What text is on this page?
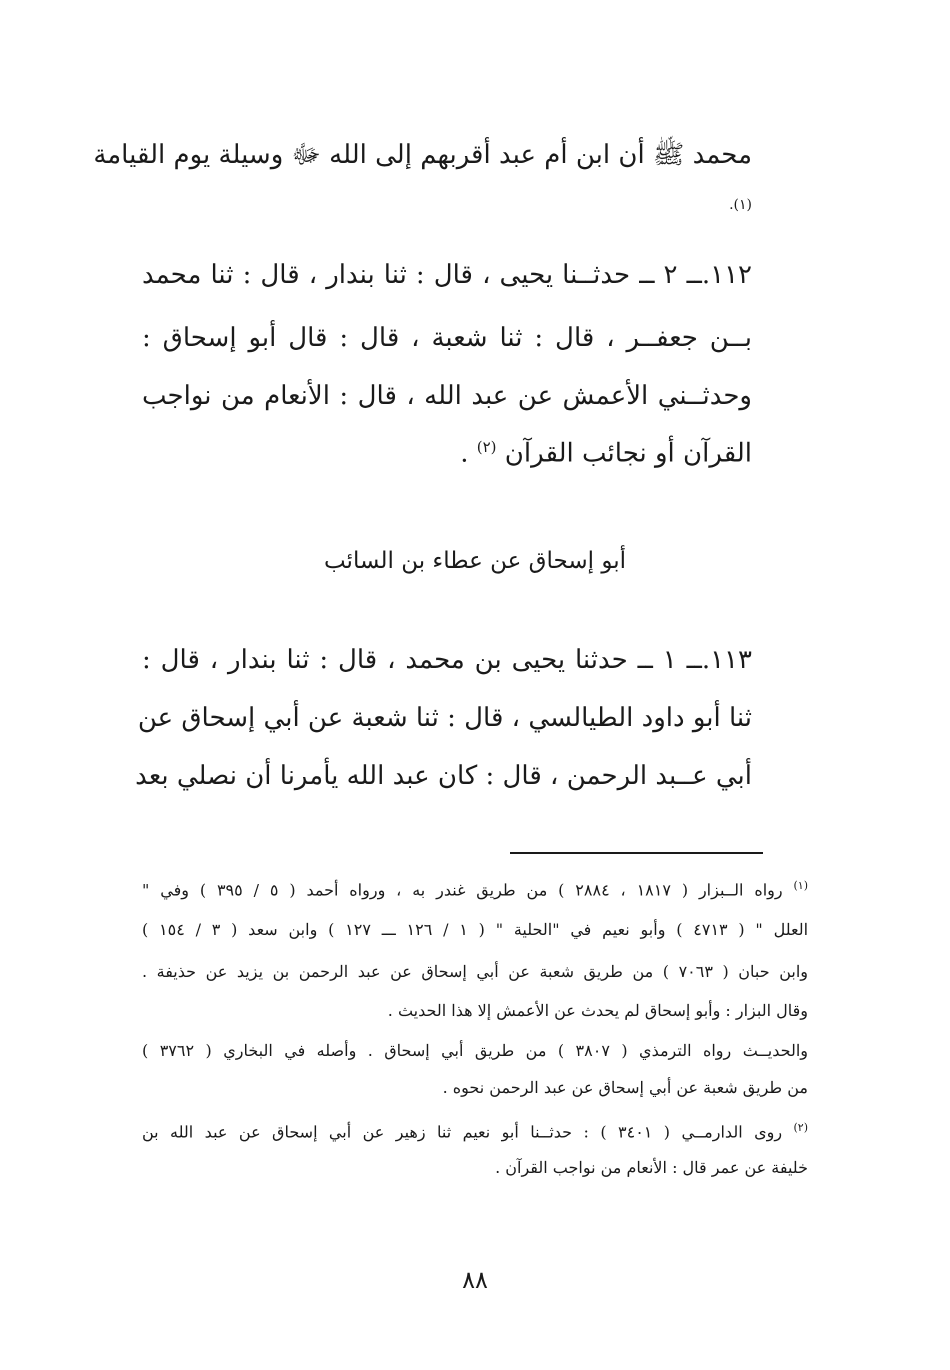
محمد ﷺ أن ابن أم عبد أقربهم إلى الله ﷻ وسيلة يوم القيامة
(١).
١١٢.ــ ٢ ــ حدثــنا يحيى ، قال : ثنا بندار ، قال : ثنا محمد
بــن جعفــر ، قال : ثنا شعبة ، قال : قال أبو إسحاق :
وحدثــني الأعمش عن عبد الله ، قال : الأنعام من نواجب
القرآن أو نجائب القرآن $^{(٢)}$ .
أبو إسحاق عن عطاء بن السائب
١١٣.ــ ١ ــ حدثنا يحيى بن محمد ، قال : ثنا بندار ، قال :
ثنا أبو داود الطيالسي ، قال : ثنا شعبة عن أبي إسحاق عن
أبي عــبد الرحمن ، قال : كان عبد الله يأمرنا أن نصلي بعد
$^{(١)}$ رواه الــبزار ( ١٨١٧ ، ٢٨٨٤ ) من طريق غندر به ، ورواه أحمد ( ٥ / ٣٩٥ ) وفي "
العلل " ( ٤٧١٣ ) وأبو نعيم في "الحلية " ( ١ / ١٢٦ ـــ ١٢٧ ) وابن سعد ( ٣ / ١٥٤ )
وابن حبان ( ٧٠٦٣ ) من طريق شعبة عن أبي إسحاق عن عبد الرحمن بن يزيد عن حذيفة .
وقال البزار : وأبو إسحاق لم يحدث عن الأعمش إلا هذا الحديث .
والحديــث رواه الترمذي ( ٣٨٠٧ ) من طريق أبي إسحاق . وأصله في البخاري ( ٣٧٦٢ )
من طريق شعبة عن أبي إسحاق عن عبد الرحمن نحوه .
$^{(٢)}$ روى الدارمــي ( ٣٤٠١ ) : حدثــنا أبو نعيم ثنا زهير عن أبي إسحاق عن عبد الله بن
خليفة عن عمر قال : الأنعام من نواجب القرآن .
٨٨
